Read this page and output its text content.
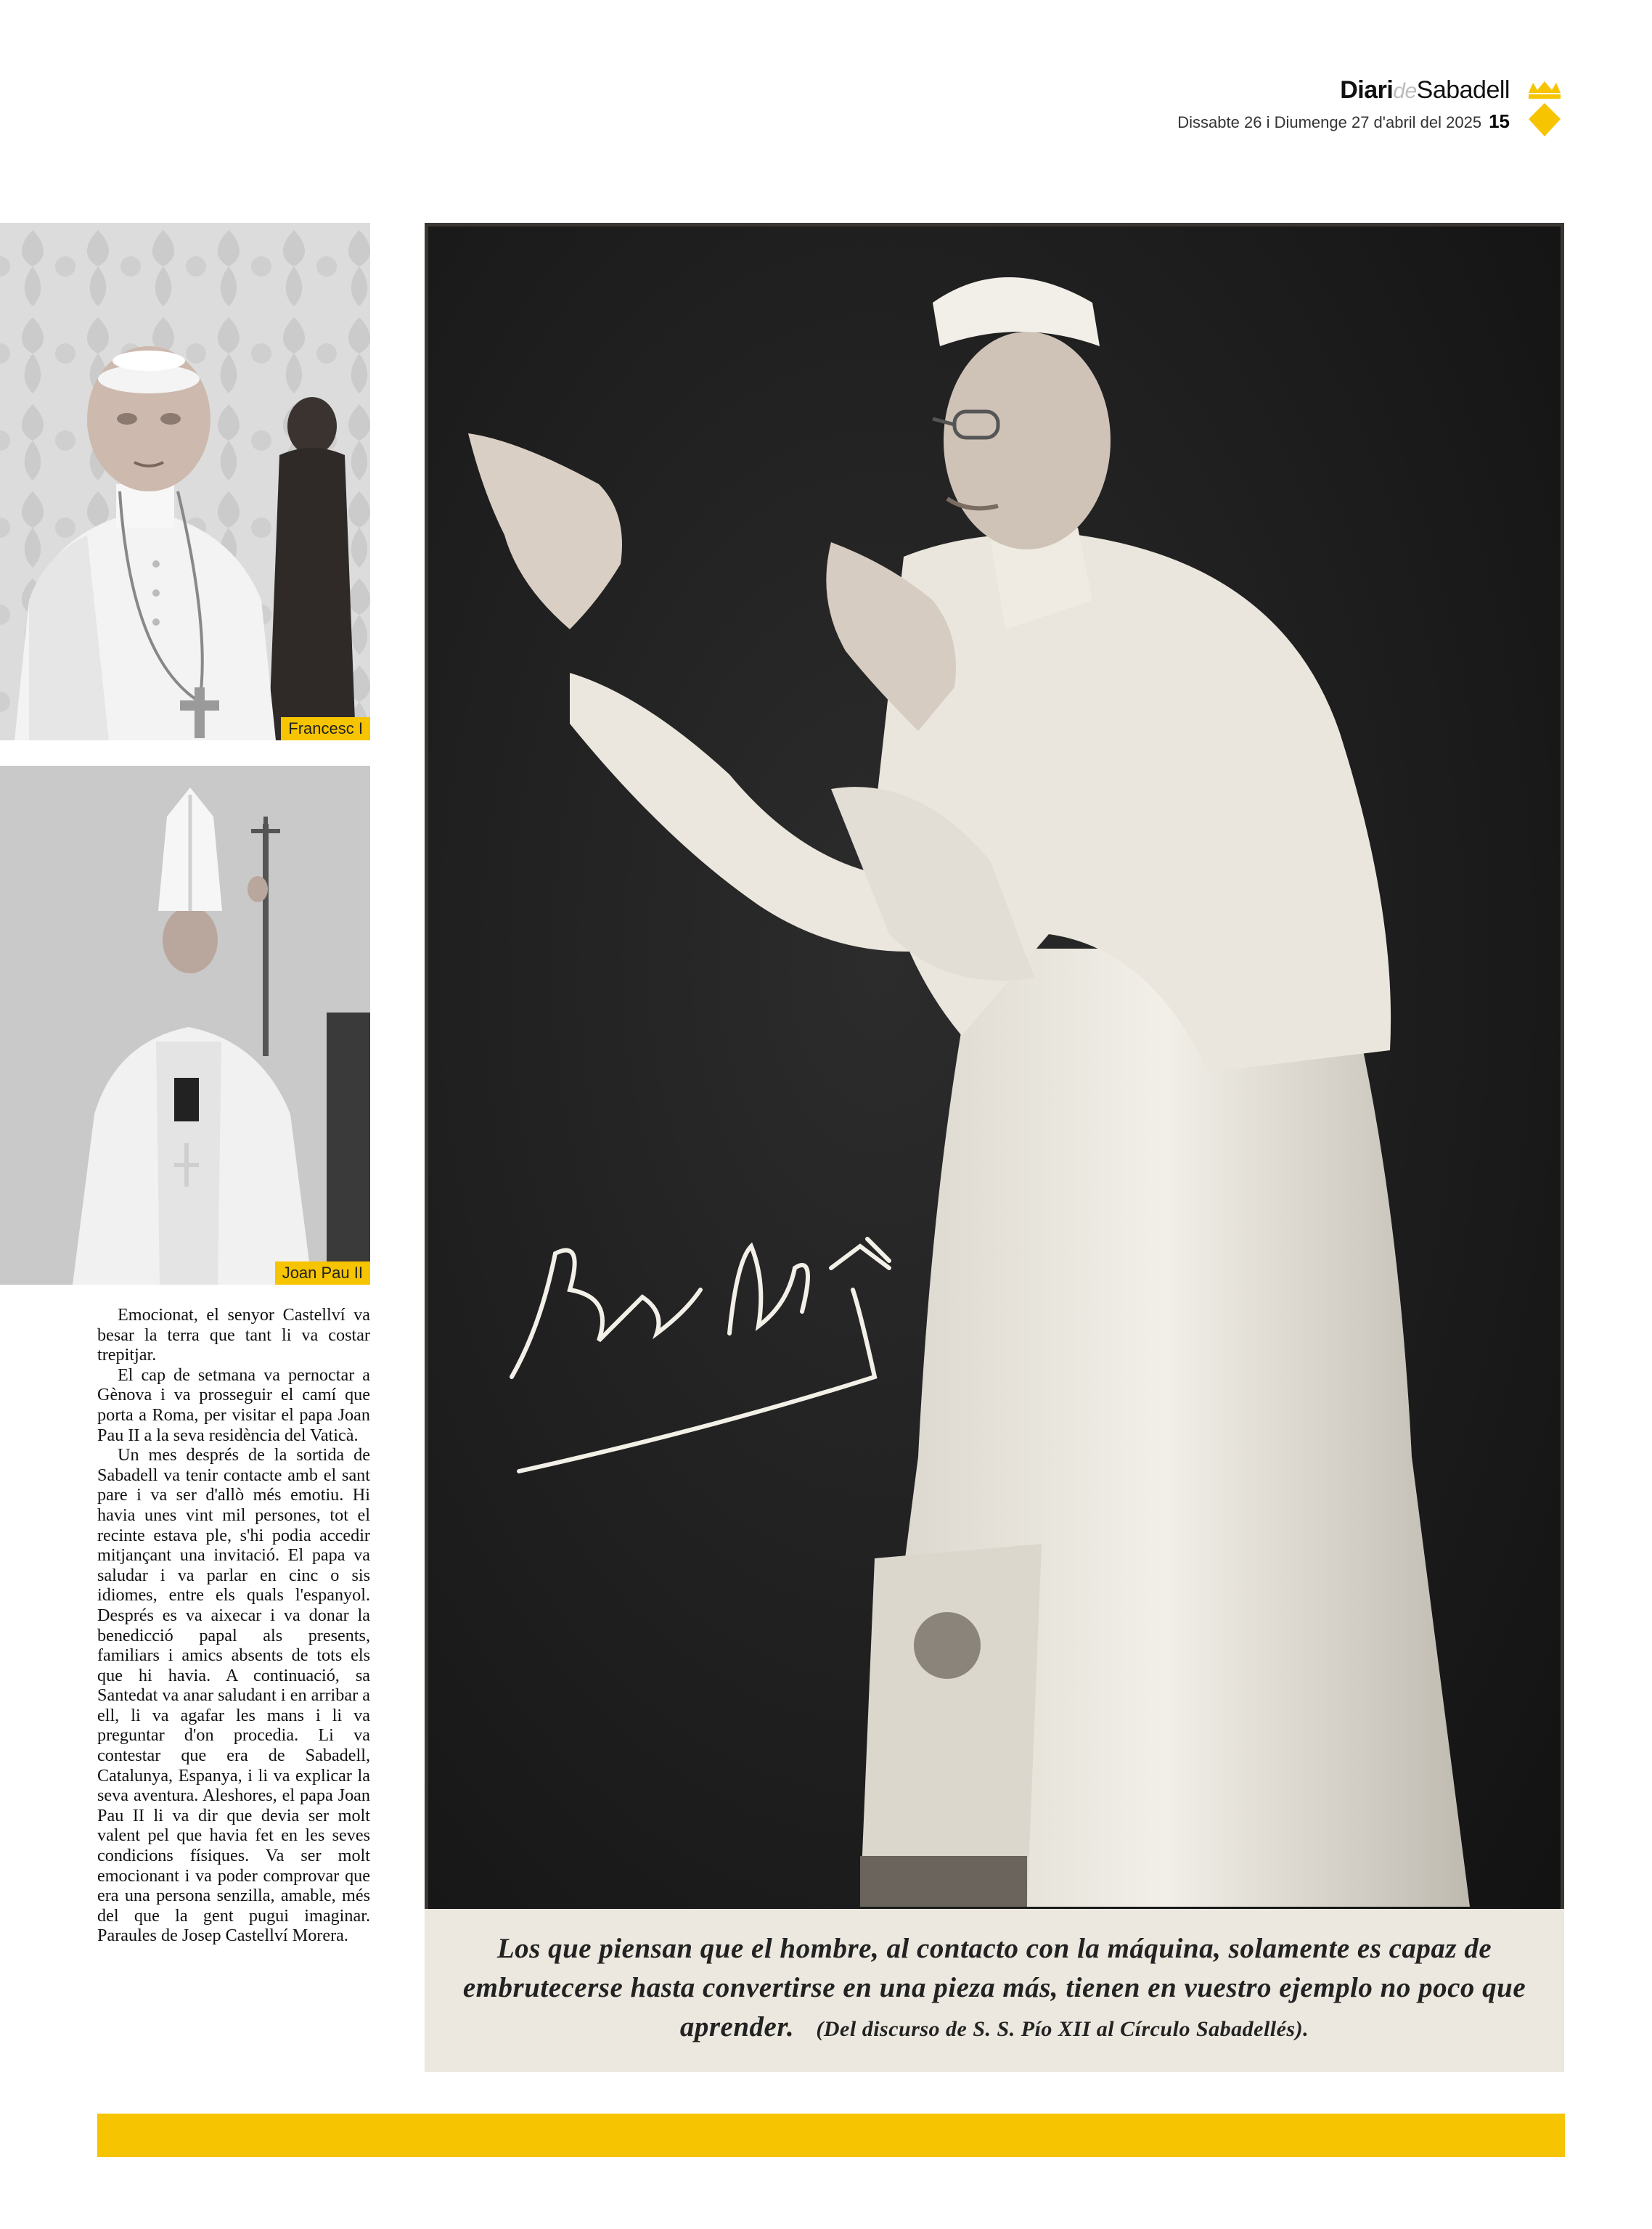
DiarideSabadell
Dissabte 26 i Diumenge 27 d'abril del 2025 15
Francesc I
Joan Pau II

Emocionat, el senyor Castellví va besar la terra que tant li va costar trepitjar.

El cap de setmana va pernoctar a Gènova i va prosseguir el camí que porta a Roma, per visitar el papa Joan Pau II a la seva residència del Vaticà.

Un mes després de la sortida de Sabadell va tenir contacte amb el sant pare i va ser d'allò més emotiu. Hi havia unes vint mil persones, tot el recinte estava ple, s'hi podia accedir mitjançant una invitació. El papa va saludar i va parlar en cinc o sis idiomes, entre els quals l'espanyol. Després es va aixecar i va donar la benedicció papal als presents, familiars i amics absents de tots els que hi havia. A continuació, sa Santedat va anar saludant i en arribar a ell, li va agafar les mans i li va preguntar d'on procedia. Li va contestar que era de Sabadell, Catalunya, Espanya, i li va explicar la seva aventura. Aleshores, el papa Joan Pau II li va dir que devia ser molt valent pel que havia fet en les seves condicions físiques. Va ser molt emocionant i va poder comprovar que era una persona senzilla, amable, més del que la gent pugui imaginar. Paraules de Josep Castellví Morera.	Los que piensan que el hombre, al contacto con la máquina, solamente es capaz de embrutecerse hasta convertirse en una pieza más, tienen en vuestro ejemplo no poco que aprender. (Del discurso de S. S. Pío XII al Círculo Sabadellés).
